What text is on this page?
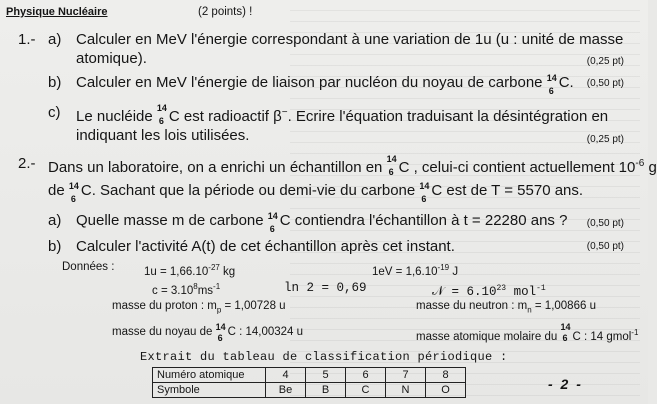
Physique Nucléaire	(2 points) !
1.- a) Calculer en MeV l'énergie correspondant à une variation de 1u (u : unité de masse
atomique).	(0,25 pt)
b) Calculer en MeV l'énergie de liaison par nucléon du noyau de carbone 14
6 C. (0,50 pt)
c) Le nucléide 14
6 C est radioactif β−. Ecrire l'équation traduisant la désintégration en
indiquant les lois utilisées.	(0,25 pt)
2.- Dans un laboratoire, on a enrichi un échantillon en 14
6 C , celui-ci contient actuellement $10^{-6}$ g
de 14
6 C. Sachant que la période ou demi-vie du carbone 14
6 C est de T = 5570 ans.
a) Quelle masse m de carbone 14
6 C contiendra l'échantillon à t = 22280 ans ? (0,50 pt)
b) Calculer l'activité A(t) de cet échantillon après cet instant.	(0,50 pt)
Données :	$1u = 1,66.10^{-27}$ kg	$1eV = 1,6.10^{-19}$ J
$c = 3.10^8ms^{-1}$	ln 2 = 0,69	𝒩 = $6.10^{23}$ mol$^{-1}$
masse du proton : $m_p = 1,00728$ u	masse du neutron : $m_n = 1,00866$ u
masse du noyau de 14
6 C : 14,00324 u	masse atomique molaire du
14
6 C : 14 gmol$^{-1}$
Extrait du tableau de classification périodique :
Numéro atomique	4	5	6	7	8
Symbole	Be	B	C	N	O	- 2 -
